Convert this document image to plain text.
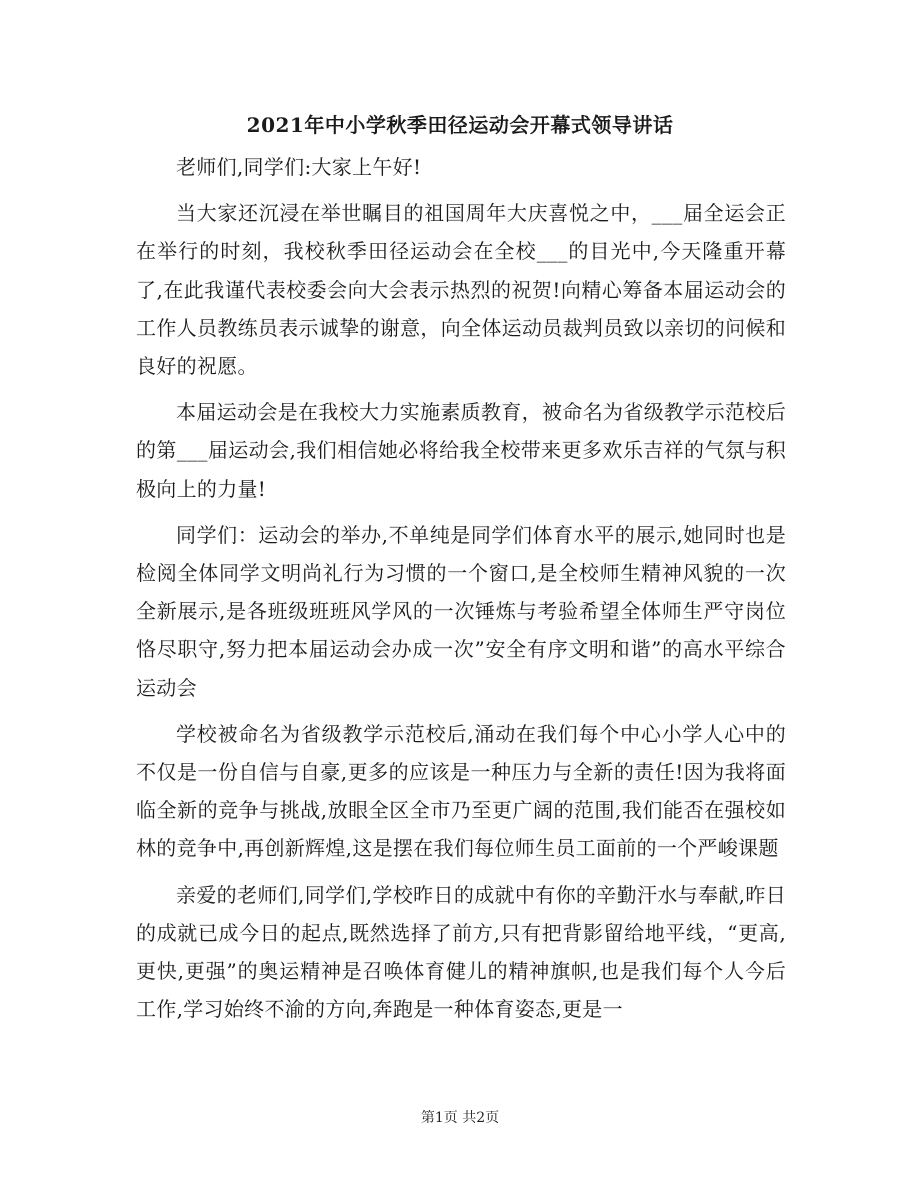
2021年中小学秋季田径运动会开幕式领导讲话

老师们,同学们:大家上午好!

当大家还沉浸在举世瞩目的祖国周年大庆喜悦之中，___届全运会正在举行的时刻，我校秋季田径运动会在全校___的目光中,今天隆重开幕了,在此我谨代表校委会向大会表示热烈的祝贺!向精心筹备本届运动会的工作人员教练员表示诚挚的谢意，向全体运动员裁判员致以亲切的问候和良好的祝愿。

本届运动会是在我校大力实施素质教育，被命名为省级教学示范校后的第___届运动会,我们相信她必将给我全校带来更多欢乐吉祥的气氛与积极向上的力量!

同学们：运动会的举办,不单纯是同学们体育水平的展示,她同时也是检阅全体同学文明尚礼行为习惯的一个窗口,是全校师生精神风貌的一次全新展示,是各班级班班风学风的一次锤炼与考验希望全体师生严守岗位恪尽职守,努力把本届运动会办成一次”安全有序文明和谐”的高水平综合运动会

学校被命名为省级教学示范校后,涌动在我们每个中心小学人心中的不仅是一份自信与自豪,更多的应该是一种压力与全新的责任!因为我将面临全新的竞争与挑战,放眼全区全市乃至更广阔的范围,我们能否在强校如林的竞争中,再创新辉煌,这是摆在我们每位师生员工面前的一个严峻课题

亲爱的老师们,同学们,学校昨日的成就中有你的辛勤汗水与奉献,昨日的成就已成今日的起点,既然选择了前方,只有把背影留给地平线，“更高,更快,更强”的奥运精神是召唤体育健儿的精神旗帜,也是我们每个人今后工作,学习始终不渝的方向,奔跑是一种体育姿态,更是一

第1页 共2页
